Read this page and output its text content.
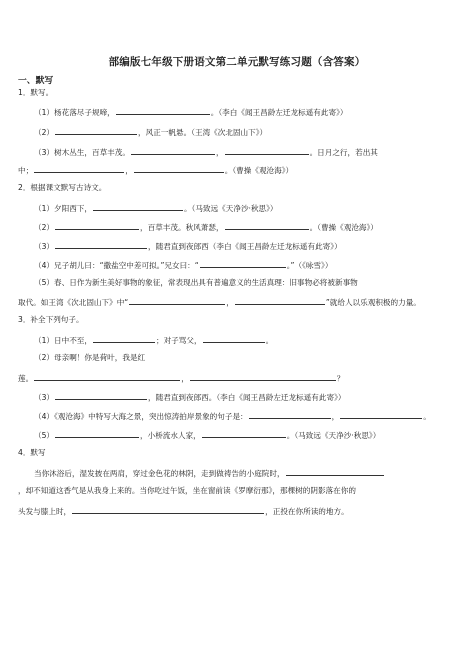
部编版七年级下册语文第二单元默写练习题（含答案）
一、默写
1．默写。
（1）杨花落尽子规啼，	。（李白《闻王昌龄左迁龙标遥有此寄》）
（2）	，风正一帆悬。（王湾《次北固山下》）
（3）树木丛生，百草丰茂。	，	。日月之行，若出其
中；	，	。（曹操《观沧海》）
2．根据课文默写古诗文。
（1）夕阳西下，	。（马致远《天净沙·秋思》）
（2）	，百草丰茂。秋风萧瑟，	。（曹操《观沧海》）
（3）	，随君直到夜郎西（李白《闻王昌龄左迁龙标遥有此寄》）
（4）兄子胡儿曰：“撒盐空中差可拟。”兄女曰：“	。”（《咏雪》）
（5）春、日作为新生美好事物的象征，常表现出具有普遍意义的生活真理：旧事物必将被新事物
取代。如王湾《次北固山下》中“	，	”就给人以乐观积极的力量。
3．补全下列句子。
（1）日中不至，	；对子骂父，	。
（2）母亲啊！你是荷叶，我是红
莲。	，	？
（3）	，随君直到夜郎西。（李白《闻王昌龄左迁龙标遥有此寄》）
（4）《观沧海》中特写大海之景，突出惊涛拍岸景象的句子是：	，	。
（5）	，小桥流水人家，	。（马致远《天净沙·秋思》）
4．默写
当你沐浴后，湿发披在两肩，穿过金色花的林阴，走到做祷告的小庭院时，
，却不知道这香气是从我身上来的。当你吃过午饭，坐在窗前读《罗摩衍那》，那棵树的阴影落在你的
头发与膝上时，	，正投在你所读的地方。
